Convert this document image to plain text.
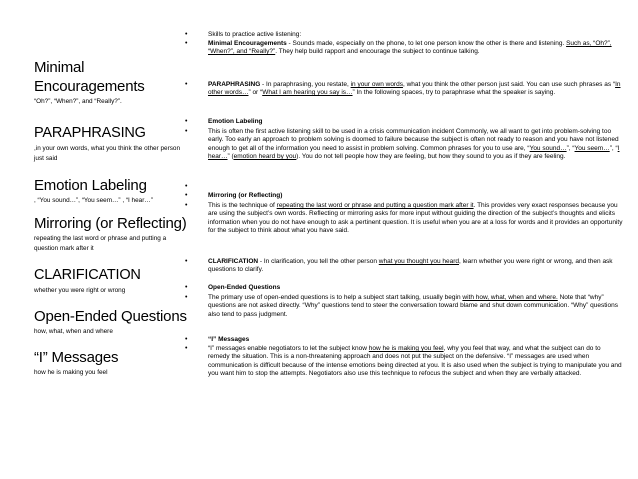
Minimal
Encouragements
“Oh?”, “When?”, and “Really?”.
PARAPHRASING
,in your own words, what you think the other person just said
Emotion Labeling
, “You sound…”, “You seem…” , “I hear…”
Mirroring (or Reflecting)
repeating the last word or phrase and putting a question mark after it
CLARIFICATION
whether you were right or wrong
Open-Ended Questions
how, what, when and where
“I” Messages
how he is making you feel
•	Skills to practice active listening:
•	Minimal Encouragements - Sounds made, especially on the phone, to let one person know the other is there and listening. Such as, “Oh?”, “When?”, and “Really?”. They help build rapport and encourage the subject to continue talking.
•	PARAPHRASING - In paraphrasing, you restate, in your own words, what you think the other person just said. You can use such phrases as “In other words…” or “What I am hearing you say is…” In the following spaces, try to paraphrase what the speaker is saying.
•	Emotion Labeling
•	This is often the first active listening skill to be used in a crisis communication incident Commonly, we all want to get into problem-solving too early. Too early an approach to problem solving is doomed to failure because the subject is often not ready to reason and you have not listened enough to get all of the information you need to assist in problem solving. Common phrases for you to use are, “You sound…”, “You seem…”, “I hear…” (emotion heard by you). You do not tell people how they are feeling, but how they sound to you as if they are feeling.
•
•	Mirroring (or Reflecting)
•	This is the technique of repeating the last word or phrase and putting a question mark after it. This provides very exact responses because you are using the subject’s own words. Reflecting or mirroring asks for more input without guiding the direction of the subject’s thoughts and elicits information when you do not have enough to ask a pertinent question. It is useful when you are at a loss for words and it provides an opportunity for the subject to think about what you have said.
•	CLARIFICATION - In clarification, you tell the other person what you thought you heard, learn whether you were right or wrong, and then ask questions to clarify.
•	Open-Ended Questions
•	The primary use of open-ended questions is to help a subject start talking, usually begin with how, what, when and where. Note that “why” questions are not asked directly. “Why” questions tend to steer the conversation toward blame and shut down communication. “Why” questions also tend to pass judgment.
•	“I” Messages
•	“I” messages enable negotiators to let the subject know how he is making you feel, why you feel that way, and what the subject can do to remedy the situation. This is a non-threatening approach and does not put the subject on the defensive. “I” messages are used when communication is difficult because of the intense emotions being directed at you. It is also used when the subject is trying to manipulate you and you want him to stop the attempts. Negotiators also use this technique to refocus the subject and when they are verbally attacked.
